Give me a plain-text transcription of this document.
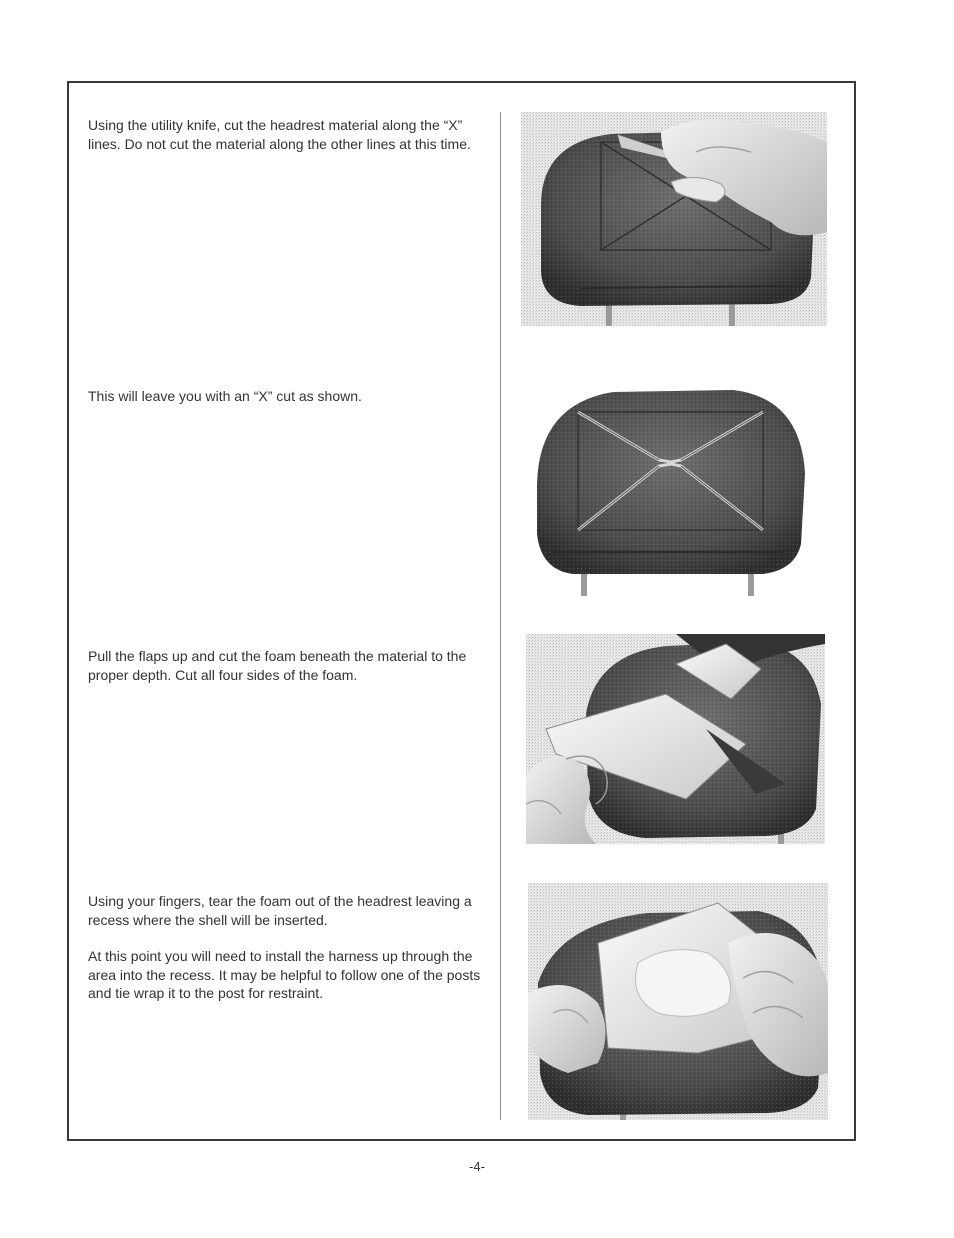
Using the utility knife, cut the headrest material along the “X” lines. Do not cut the material along the other lines at this time.

This will leave you with an “X” cut as shown.

Pull the flaps up and cut the foam beneath the material to the proper depth. Cut all four sides of the foam.

Using your fingers, tear the foam out of the headrest leaving a recess where the shell will be inserted.

At this point you will need to install the harness up through the area into the recess. It may be helpful to follow one of the posts and tie wrap it to the post for restraint.

-4-
